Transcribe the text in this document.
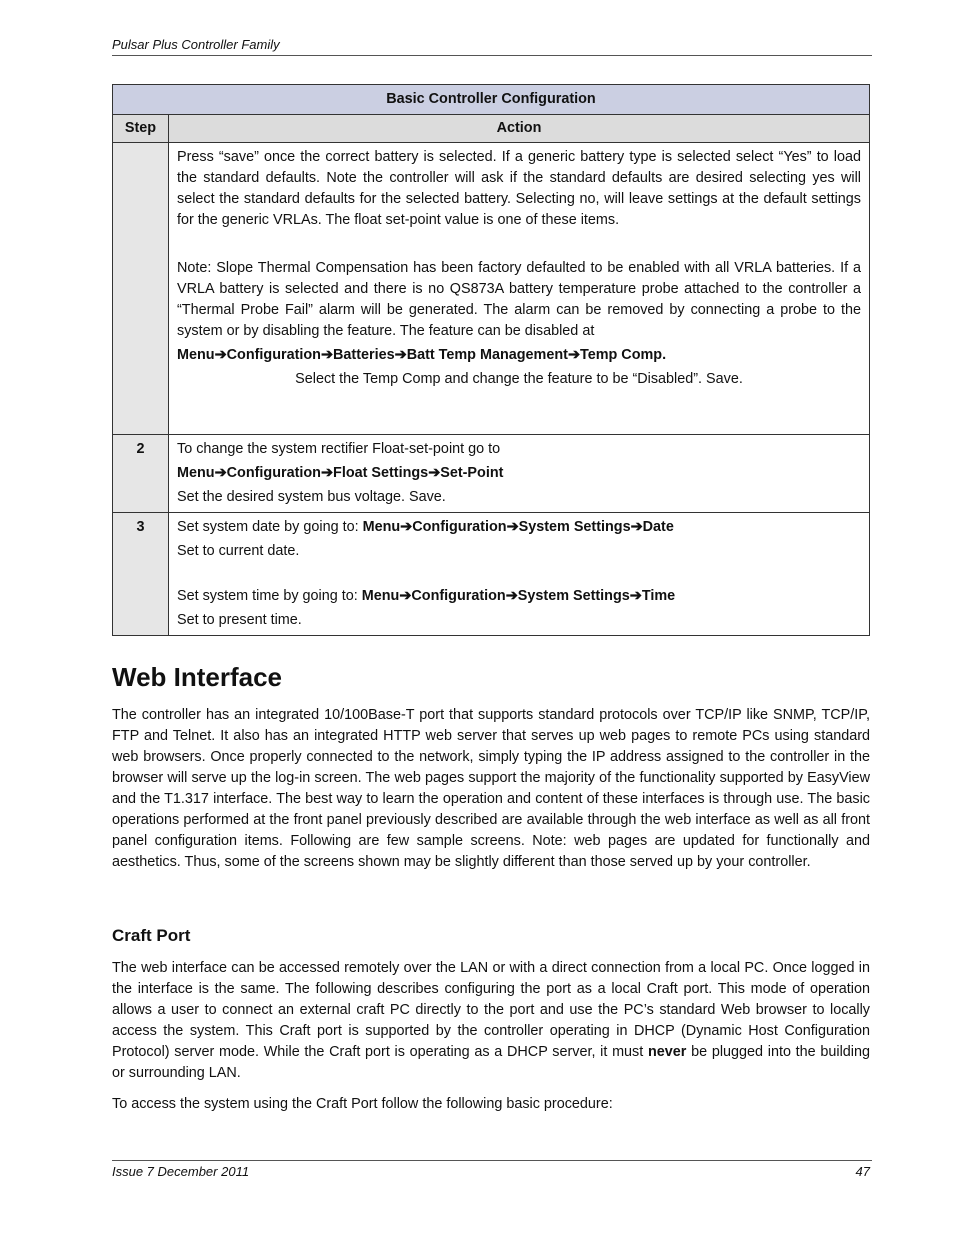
Pulsar Plus Controller Family
Basic Controller Configuration	
Step	Action

	Press “save” once the correct battery is selected. If a generic battery type is selected select “Yes” to load the standard defaults. Note the controller will ask if the standard defaults are desired selecting yes will select the standard defaults for the selected battery. Selecting no, will leave settings at the default settings for the generic VRLAs. The float set-point value is one of these items.
Note: Slope Thermal Compensation has been factory defaulted to be enabled with all VRLA batteries. If a VRLA battery is selected and there is no QS873A battery temperature probe attached to the controller a “Thermal Probe Fail” alarm will be generated. The alarm can be removed by connecting a probe to the system or by disabling the feature. The feature can be disabled at
Menu➔Configuration➔Batteries➔Batt Temp Management➔Temp Comp.
Select the Temp Comp and change the feature to be “Disabled”. Save.

2	To change the system rectifier Float-set-point go to
Menu➔Configuration➔Float Settings➔Set-Point
Set the desired system bus voltage. Save.

3	Set system date by going to: Menu➔Configuration➔System Settings➔Date
Set to current date.
Set system time by going to: Menu➔Configuration➔System Settings➔Time
Set to present time.
Web Interface
The controller has an integrated 10/100Base-T port that supports standard protocols over TCP/IP like SNMP, TCP/IP, FTP and Telnet. It also has an integrated HTTP web server that serves up web pages to remote PCs using standard web browsers. Once properly connected to the network, simply typing the IP address assigned to the controller in the browser will serve up the log-in screen. The web pages support the majority of the functionality supported by EasyView and the T1.317 interface. The best way to learn the operation and content of these interfaces is through use. The basic operations performed at the front panel previously described are available through the web interface as well as all front panel configuration items. Following are few sample screens. Note: web pages are updated for functionally and aesthetics. Thus, some of the screens shown may be slightly different than those served up by your controller.
Craft Port
The web interface can be accessed remotely over the LAN or with a direct connection from a local PC. Once logged in the interface is the same. The following describes configuring the port as a local Craft port. This mode of operation allows a user to connect an external craft PC directly to the port and use the PC’s standard Web browser to locally access the system. This Craft port is supported by the controller operating in DHCP (Dynamic Host Configuration Protocol) server mode. While the Craft port is operating as a DHCP server, it must never be plugged into the building or surrounding LAN.
To access the system using the Craft Port follow the following basic procedure:
Issue 7 December 2011	47
